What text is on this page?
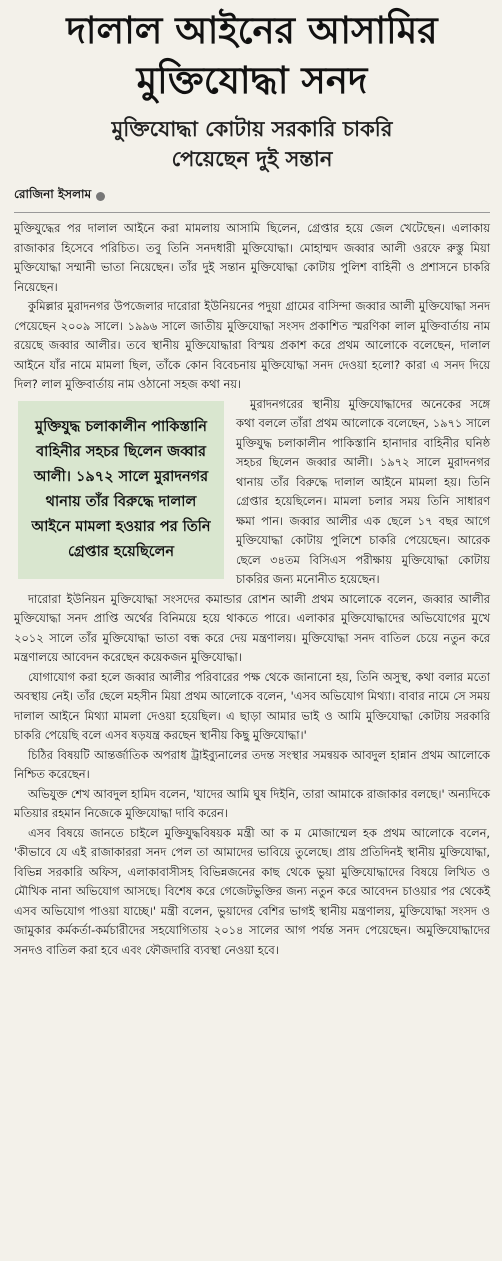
দালাল আইনের আসামির
মুক্তিযোদ্ধা সনদ
মুক্তিযোদ্ধা কোটায় সরকারি চাকরি
পেয়েছেন দুই সন্তান
রোজিনা ইসলাম

মুক্তিযুদ্ধের পর দালাল আইনে করা মামলায় আসামি ছিলেন, গ্রেপ্তার হয়ে জেল খেটেছেন। এলাকায় রাজাকার হিসেবে পরিচিত। তবু তিনি সনদধারী মুক্তিযোদ্ধা। মোহাম্মদ জব্বার আলী ওরফে রুস্তু মিয়া মুক্তিযোদ্ধা সম্মানী ভাতা নিয়েছেন। তাঁর দুই সন্তান মুক্তিযোদ্ধা কোটায় পুলিশ বাহিনী ও প্রশাসনে চাকরি নিয়েছেন।

কুমিল্লার মুরাদনগর উপজেলার দারোরা ইউনিয়নের পদুয়া গ্রামের বাসিন্দা জব্বার আলী মুক্তিযোদ্ধা সনদ পেয়েছেন ২০০৯ সালে। ১৯৯৬ সালে জাতীয় মুক্তিযোদ্ধা সংসদ প্রকাশিত স্মরণিকা লাল মুক্তিবার্তায় নাম রয়েছে জব্বার আলীর। তবে স্থানীয় মুক্তিযোদ্ধারা বিস্ময় প্রকাশ করে প্রথম আলোকে বলেছেন, দালাল আইনে যাঁর নামে মামলা ছিল, তাঁকে কোন বিবেচনায় মুক্তিযোদ্ধা সনদ দেওয়া হলো? কারা এ সনদ দিয়ে দিল? লাল মুক্তিবার্তায় নাম ওঠানো সহজ কথা নয়।

মুক্তিযুদ্ধ চলাকালীন পাকিস্তানি বাহিনীর সহচর ছিলেন জব্বার আলী। ১৯৭২ সালে মুরাদনগর থানায় তাঁর বিরুদ্ধে দালাল আইনে মামলা হওয়ার পর তিনি গ্রেপ্তার হয়েছিলেন

মুরাদনগরের স্থানীয় মুক্তিযোদ্ধাদের অনেকের সঙ্গে কথা বললে তাঁরা প্রথম আলোকে বলেছেন, ১৯৭১ সালে মুক্তিযুদ্ধ চলাকালীন পাকিস্তানি হানাদার বাহিনীর ঘনিষ্ঠ সহচর ছিলেন জব্বার আলী। ১৯৭২ সালে মুরাদনগর থানায় তাঁর বিরুদ্ধে দালাল আইনে মামলা হয়। তিনি গ্রেপ্তার হয়েছিলেন। মামলা চলার সময় তিনি সাধারণ ক্ষমা পান। জব্বার আলীর এক ছেলে ১৭ বছর আগে মুক্তিযোদ্ধা কোটায় পুলিশে চাকরি পেয়েছেন। আরেক ছেলে ৩৪তম বিসিএস পরীক্ষায় মুক্তিযোদ্ধা কোটায় চাকরির জন্য মনোনীত হয়েছেন।

দারোরা ইউনিয়ন মুক্তিযোদ্ধা সংসদের কমান্ডার রোশন আলী প্রথম আলোকে বলেন, জব্বার আলীর মুক্তিযোদ্ধা সনদ প্রাপ্তি অর্থের বিনিময়ে হয়ে থাকতে পারে। এলাকার মুক্তিযোদ্ধাদের অভিযোগের মুখে ২০১২ সালে তাঁর মুক্তিযোদ্ধা ভাতা বন্ধ করে দেয় মন্ত্রণালয়। মুক্তিযোদ্ধা সনদ বাতিল চেয়ে নতুন করে মন্ত্রণালয়ে আবেদন করেছেন কয়েকজন মুক্তিযোদ্ধা।

যোগাযোগ করা হলে জব্বার আলীর পরিবারের পক্ষ থেকে জানানো হয়, তিনি অসুস্থ, কথা বলার মতো অবস্থায় নেই। তাঁর ছেলে মহসীন মিয়া প্রথম আলোকে বলেন, 'এসব অভিযোগ মিথ্যা। বাবার নামে সে সময় দালাল আইনে মিথ্যা মামলা দেওয়া হয়েছিল। এ ছাড়া আমার ভাই ও আমি মুক্তিযোদ্ধা কোটায় সরকারি চাকরি পেয়েছি বলে এসব ষড়যন্ত্র করছেন স্থানীয় কিছু মুক্তিযোদ্ধা।'

চিঠির বিষয়টি আন্তর্জাতিক অপরাধ ট্রাইব্যুনালের তদন্ত সংস্থার সমন্বয়ক আবদুল হান্নান প্রথম আলোকে নিশ্চিত করেছেন।

অভিযুক্ত শেখ আবদুল হামিদ বলেন, 'যাদের আমি ঘুষ দিইনি, তারা আমাকে রাজাকার বলছে।' অন্যদিকে মতিয়ার রহমান নিজেকে মুক্তিযোদ্ধা দাবি করেন।

এসব বিষয়ে জানতে চাইলে মুক্তিযুদ্ধবিষয়ক মন্ত্রী আ ক ম মোজাম্মেল হক প্রথম আলোকে বলেন, 'কীভাবে যে এই রাজাকাররা সনদ পেল তা আমাদের ভাবিয়ে তুলেছে। প্রায় প্রতিদিনই স্থানীয় মুক্তিযোদ্ধা, বিভিন্ন সরকারি অফিস, এলাকাবাসীসহ বিভিন্নজনের কাছ থেকে ভুয়া মুক্তিযোদ্ধাদের বিষয়ে লিখিত ও মৌখিক নানা অভিযোগ আসছে। বিশেষ করে গেজেটভুক্তির জন্য নতুন করে আবেদন চাওয়ার পর থেকেই এসব অভিযোগ পাওয়া যাচ্ছে।' মন্ত্রী বলেন, ভুয়াদের বেশির ভাগই স্থানীয় মন্ত্রণালয়, মুক্তিযোদ্ধা সংসদ ও জামুকার কর্মকর্তা-কর্মচারীদের সহযোগিতায় ২০১৪ সালের আগ পর্যন্ত সনদ পেয়েছেন। অমুক্তিযোদ্ধাদের সনদও বাতিল করা হবে এবং ফৌজদারি ব্যবস্থা নেওয়া হবে।
